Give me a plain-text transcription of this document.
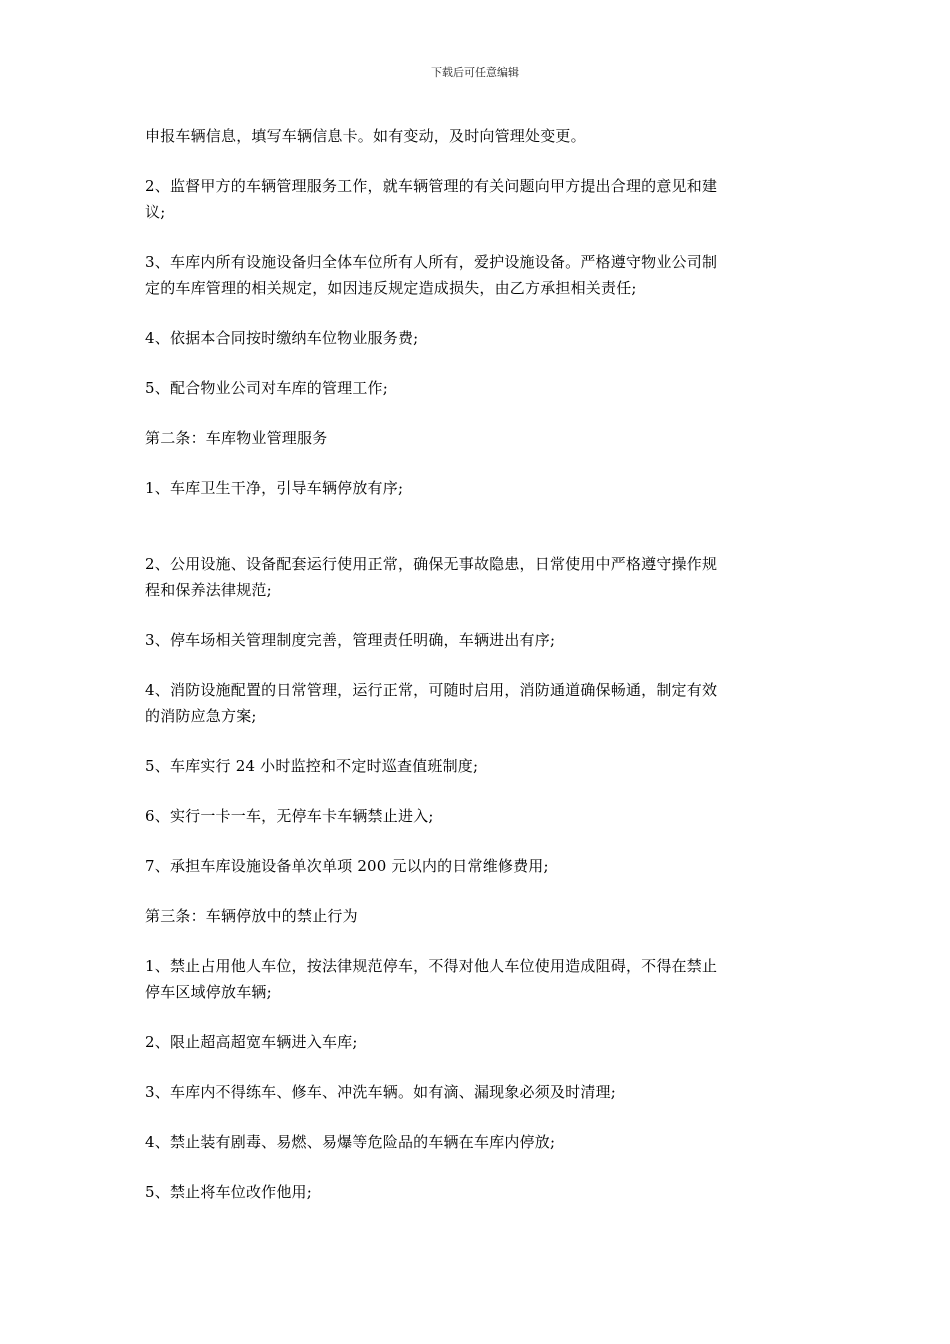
下载后可任意编辑

申报车辆信息，填写车辆信息卡。如有变动，及时向管理处变更。

2、监督甲方的车辆管理服务工作，就车辆管理的有关问题向甲方提出合理的意见和建
议;

3、车库内所有设施设备归全体车位所有人所有，爱护设施设备。严格遵守物业公司制
定的车库管理的相关规定，如因违反规定造成损失，由乙方承担相关责任;

4、依据本合同按时缴纳车位物业服务费;

5、配合物业公司对车库的管理工作;

第二条：车库物业管理服务

1、车库卫生干净，引导车辆停放有序;

2、公用设施、设备配套运行使用正常，确保无事故隐患，日常使用中严格遵守操作规
程和保养法律规范;

3、停车场相关管理制度完善，管理责任明确，车辆进出有序;

4、消防设施配置的日常管理，运行正常，可随时启用，消防通道确保畅通，制定有效
的消防应急方案;

5、车库实行 24 小时监控和不定时巡查值班制度;

6、实行一卡一车，无停车卡车辆禁止进入;

7、承担车库设施设备单次单项 200 元以内的日常维修费用;

第三条：车辆停放中的禁止行为

1、禁止占用他人车位，按法律规范停车，不得对他人车位使用造成阻碍，不得在禁止
停车区域停放车辆;

2、限止超高超宽车辆进入车库;

3、车库内不得练车、修车、冲洗车辆。如有滴、漏现象必须及时清理;

4、禁止装有剧毒、易燃、易爆等危险品的车辆在车库内停放;

5、禁止将车位改作他用;
